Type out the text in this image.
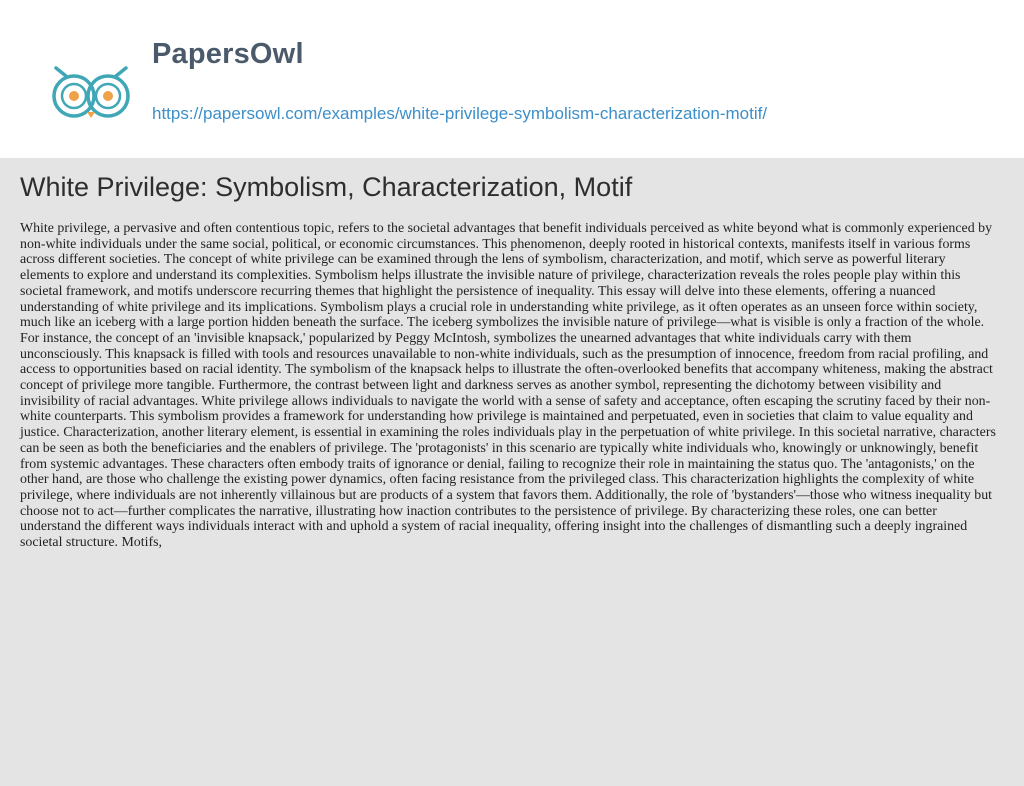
PapersOwl
https://papersowl.com/examples/white-privilege-symbolism-characterization-motif/
White Privilege: Symbolism, Characterization, Motif

White privilege, a pervasive and often contentious topic, refers to the societal advantages that benefit individuals perceived as white beyond what is commonly experienced by non-white individuals under the same social, political, or economic circumstances. This phenomenon, deeply rooted in historical contexts, manifests itself in various forms across different societies. The concept of white privilege can be examined through the lens of symbolism, characterization, and motif, which serve as powerful literary elements to explore and understand its complexities. Symbolism helps illustrate the invisible nature of privilege, characterization reveals the roles people play within this societal framework, and motifs underscore recurring themes that highlight the persistence of inequality. This essay will delve into these elements, offering a nuanced understanding of white privilege and its implications. Symbolism plays a crucial role in understanding white privilege, as it often operates as an unseen force within society, much like an iceberg with a large portion hidden beneath the surface. The iceberg symbolizes the invisible nature of privilege—what is visible is only a fraction of the whole. For instance, the concept of an 'invisible knapsack,' popularized by Peggy McIntosh, symbolizes the unearned advantages that white individuals carry with them unconsciously. This knapsack is filled with tools and resources unavailable to non-white individuals, such as the presumption of innocence, freedom from racial profiling, and access to opportunities based on racial identity. The symbolism of the knapsack helps to illustrate the often-overlooked benefits that accompany whiteness, making the abstract concept of privilege more tangible. Furthermore, the contrast between light and darkness serves as another symbol, representing the dichotomy between visibility and invisibility of racial advantages. White privilege allows individuals to navigate the world with a sense of safety and acceptance, often escaping the scrutiny faced by their non-white counterparts. This symbolism provides a framework for understanding how privilege is maintained and perpetuated, even in societies that claim to value equality and justice. Characterization, another literary element, is essential in examining the roles individuals play in the perpetuation of white privilege. In this societal narrative, characters can be seen as both the beneficiaries and the enablers of privilege. The 'protagonists' in this scenario are typically white individuals who, knowingly or unknowingly, benefit from systemic advantages. These characters often embody traits of ignorance or denial, failing to recognize their role in maintaining the status quo. The 'antagonists,' on the other hand, are those who challenge the existing power dynamics, often facing resistance from the privileged class. This characterization highlights the complexity of white privilege, where individuals are not inherently villainous but are products of a system that favors them. Additionally, the role of 'bystanders'—those who witness inequality but choose not to act—further complicates the narrative, illustrating how inaction contributes to the persistence of privilege. By characterizing these roles, one can better understand the different ways individuals interact with and uphold a system of racial inequality, offering insight into the challenges of dismantling such a deeply ingrained societal structure. Motifs,
